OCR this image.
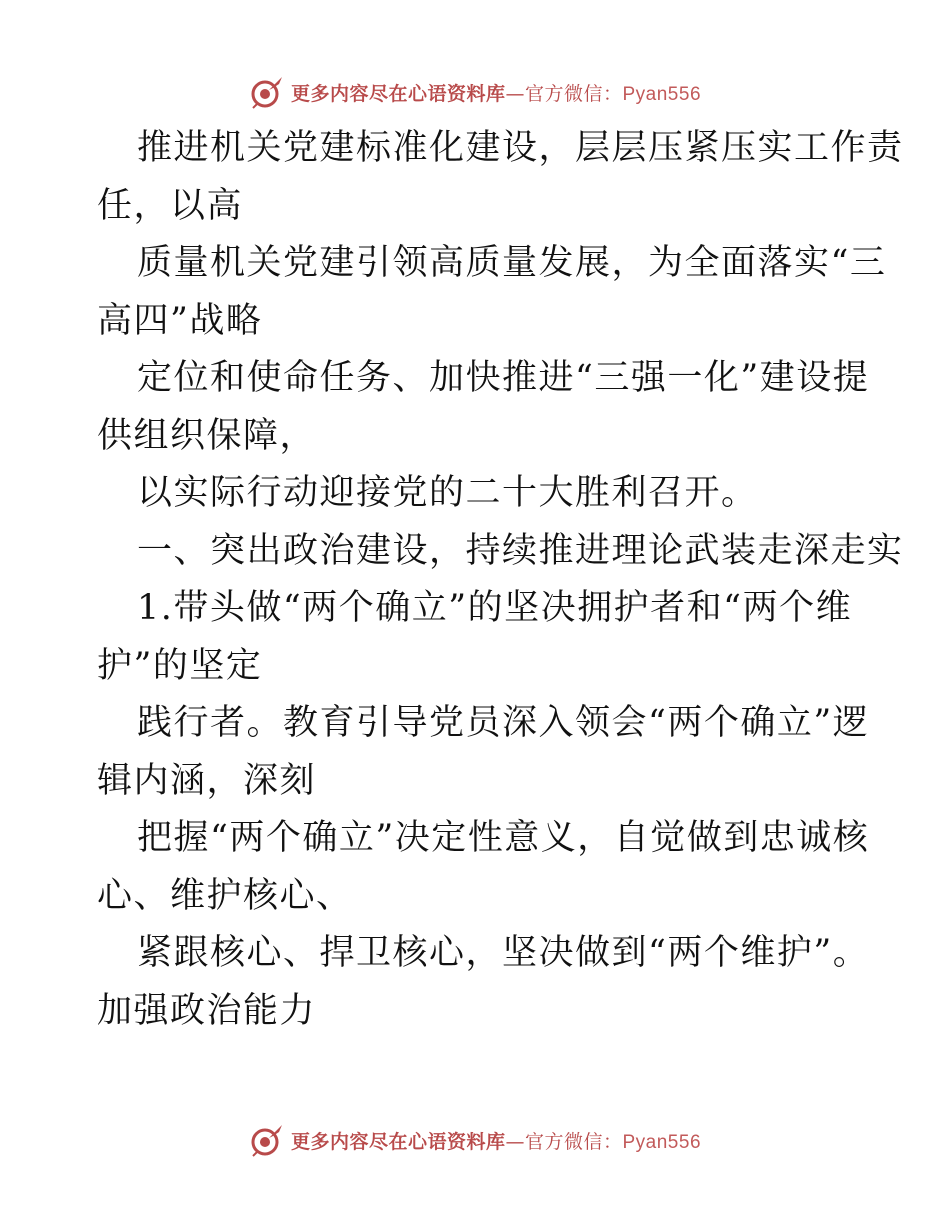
更多内容尽在心语资料库—官方微信：Pyan556
推进机关党建标准化建设，层层压紧压实工作责
任，以高
质量机关党建引领高质量发展，为全面落实“三
高四”战略
定位和使命任务、加快推进“三强一化”建设提
供组织保障，
以实际行动迎接党的二十大胜利召开。
一、突出政治建设，持续推进理论武装走深走实
1.带头做“两个确立”的坚决拥护者和“两个维
护”的坚定
践行者。教育引导党员深入领会“两个确立”逻
辑内涵，深刻
把握“两个确立”决定性意义，自觉做到忠诚核
心、维护核心、
紧跟核心、捍卫核心，坚决做到“两个维护”。
加强政治能力
更多内容尽在心语资料库—官方微信：Pyan556
